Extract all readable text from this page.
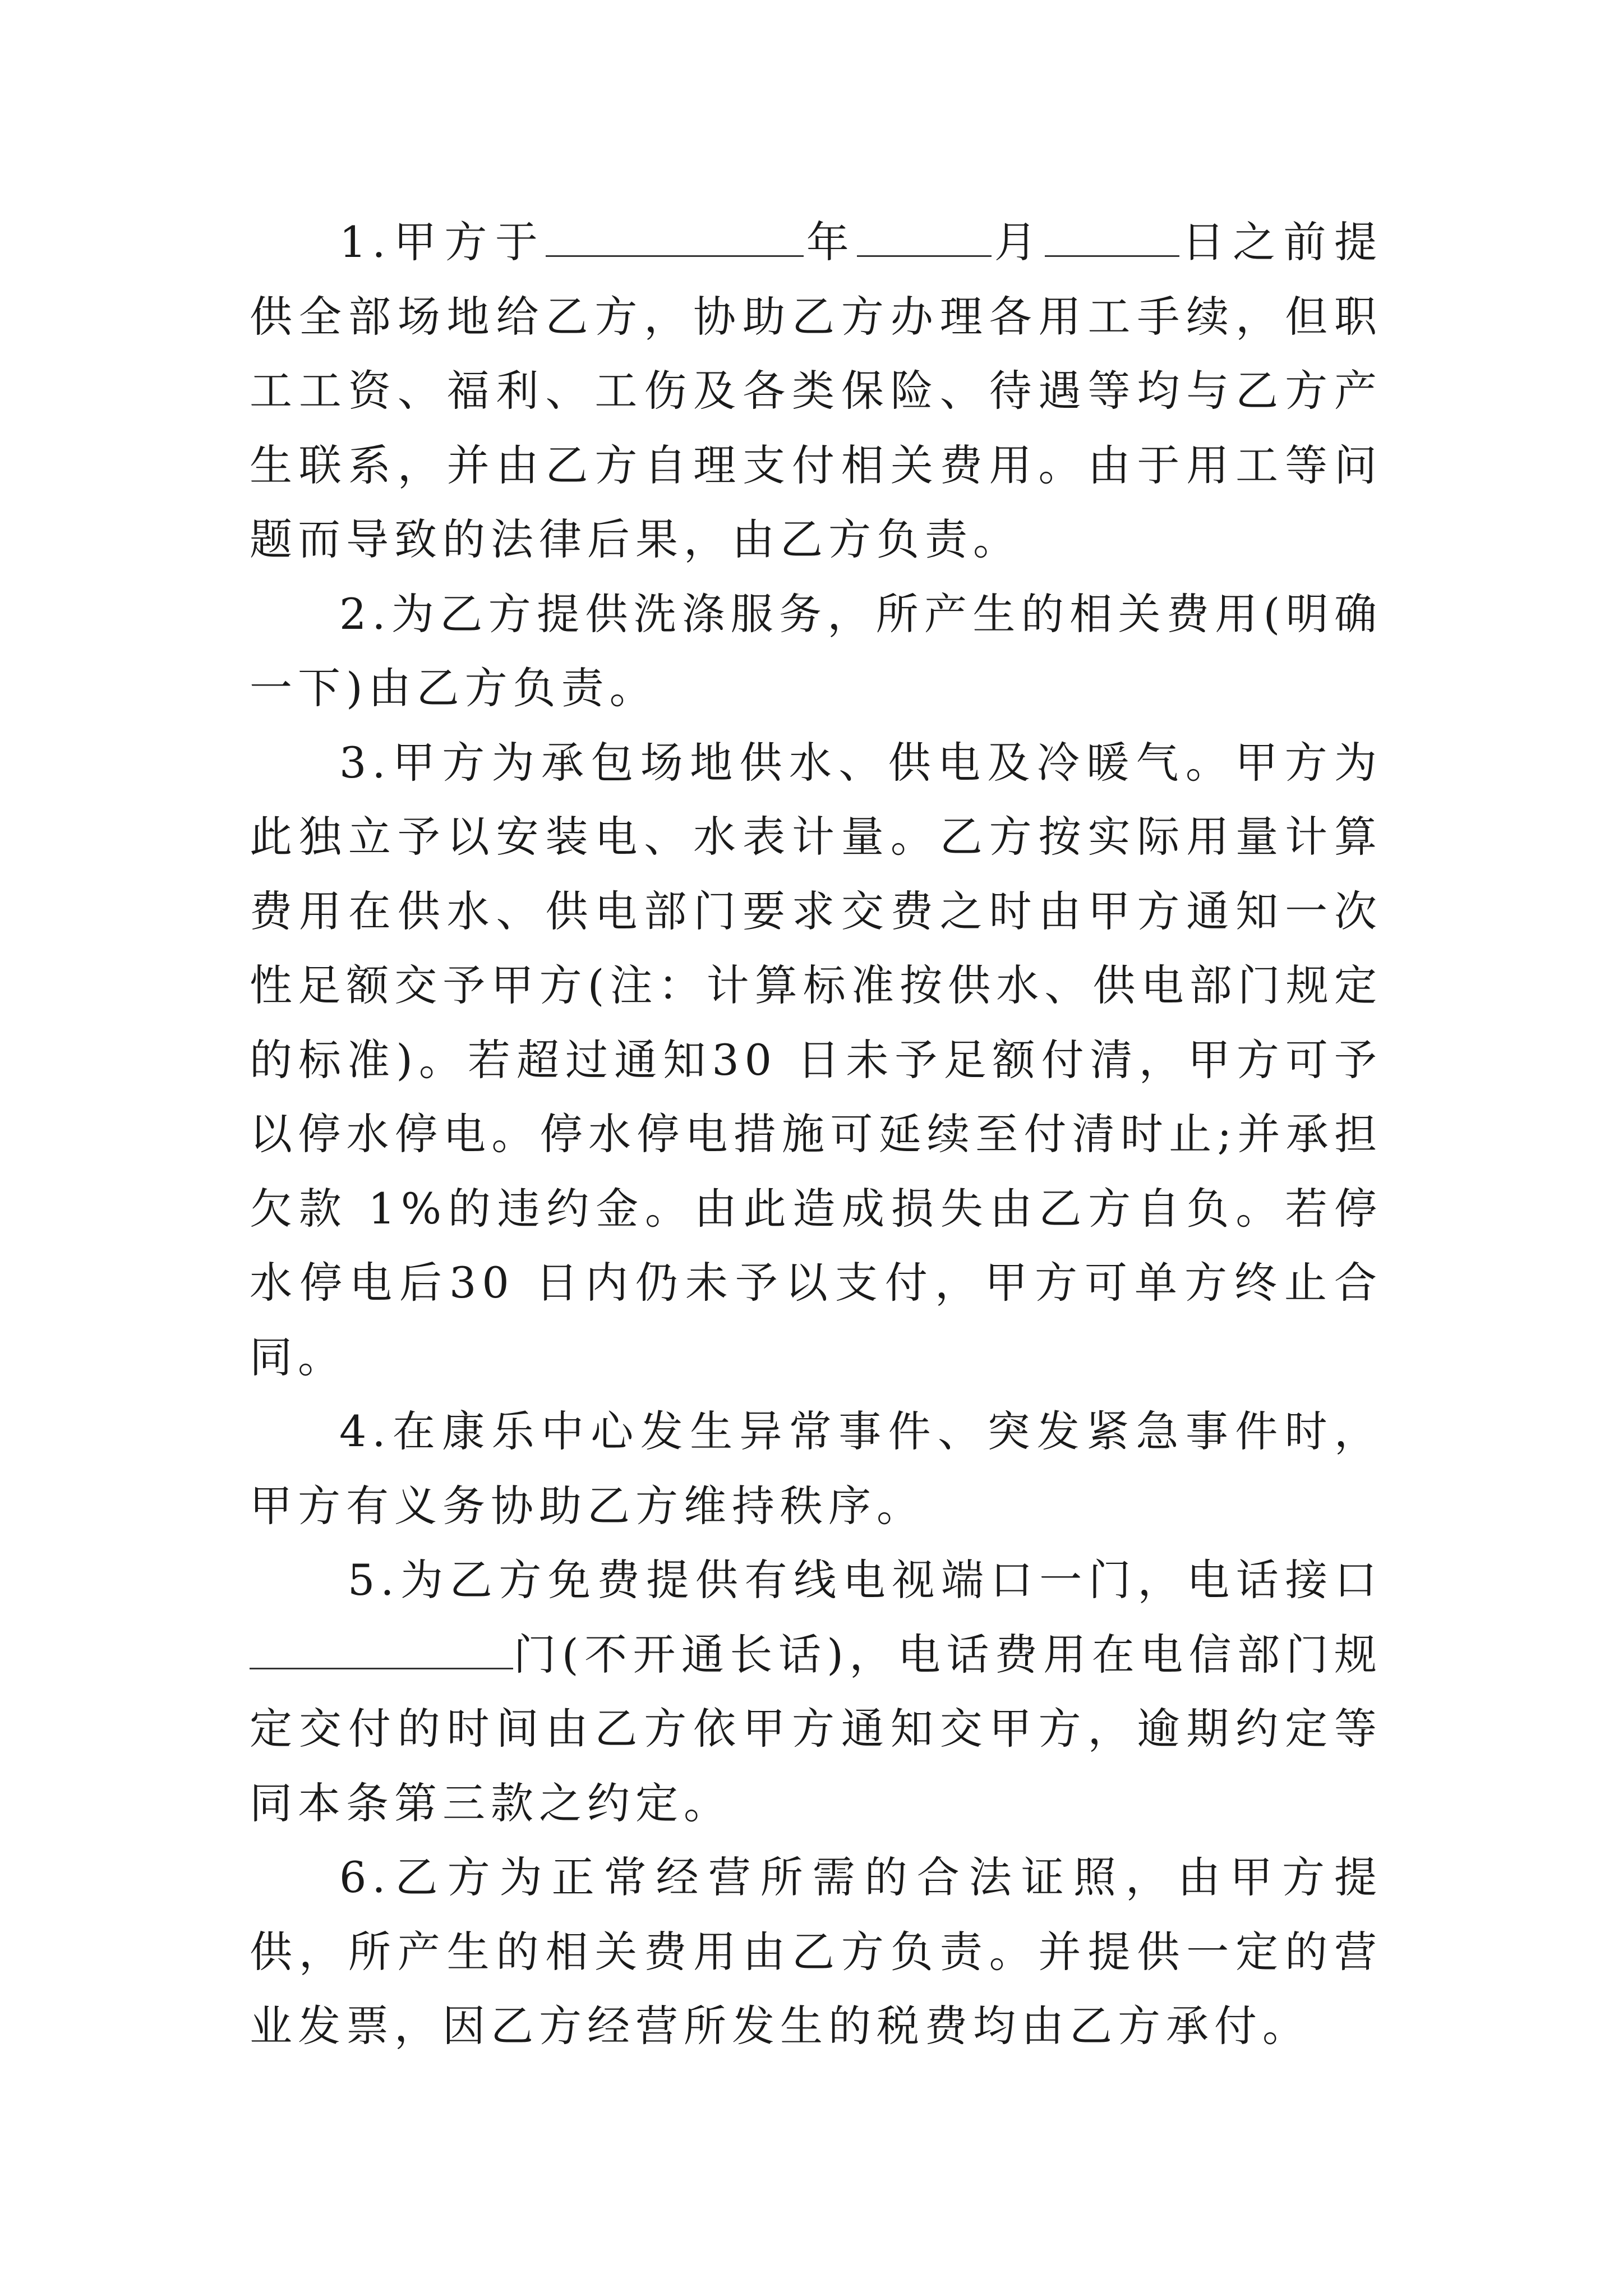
1.甲方于	年	月	日之前提供全部场地给乙方，协助乙方办理各用工手续，但职工工资、福利、工伤及各类保险、待遇等均与乙方产生联系，并由乙方自理支付相关费用。由于用工等问题而导致的法律后果，由乙方负责。

2.为乙方提供洗涤服务，所产生的相关费用(明确一下)由乙方负责。

3.甲方为承包场地供水、供电及冷暖气。甲方为此独立予以安装电、水表计量。乙方按实际用量计算费用在供水、供电部门要求交费之时由甲方通知一次性足额交予甲方(注：计算标准按供水、供电部门规定的标准)。若超过通知30 日未予足额付清，甲方可予以停水停电。停水停电措施可延续至付清时止;并承担欠款 1%的违约金。由此造成损失由乙方自负。若停水停电后30 日内仍未予以支付，甲方可单方终止合同。

4.在康乐中心发生异常事件、突发紧急事件时，甲方有义务协助乙方维持秩序。

5.为乙方免费提供有线电视端口一门，电话接口门(不开通长话)，电话费用在电信部门规定交付的时间由乙方依甲方通知交甲方，逾期约定等同本条第三款之约定。

6.乙方为正常经营所需的合法证照，由甲方提供，所产生的相关费用由乙方负责。并提供一定的营业发票，因乙方经营所发生的税费均由乙方承付。
